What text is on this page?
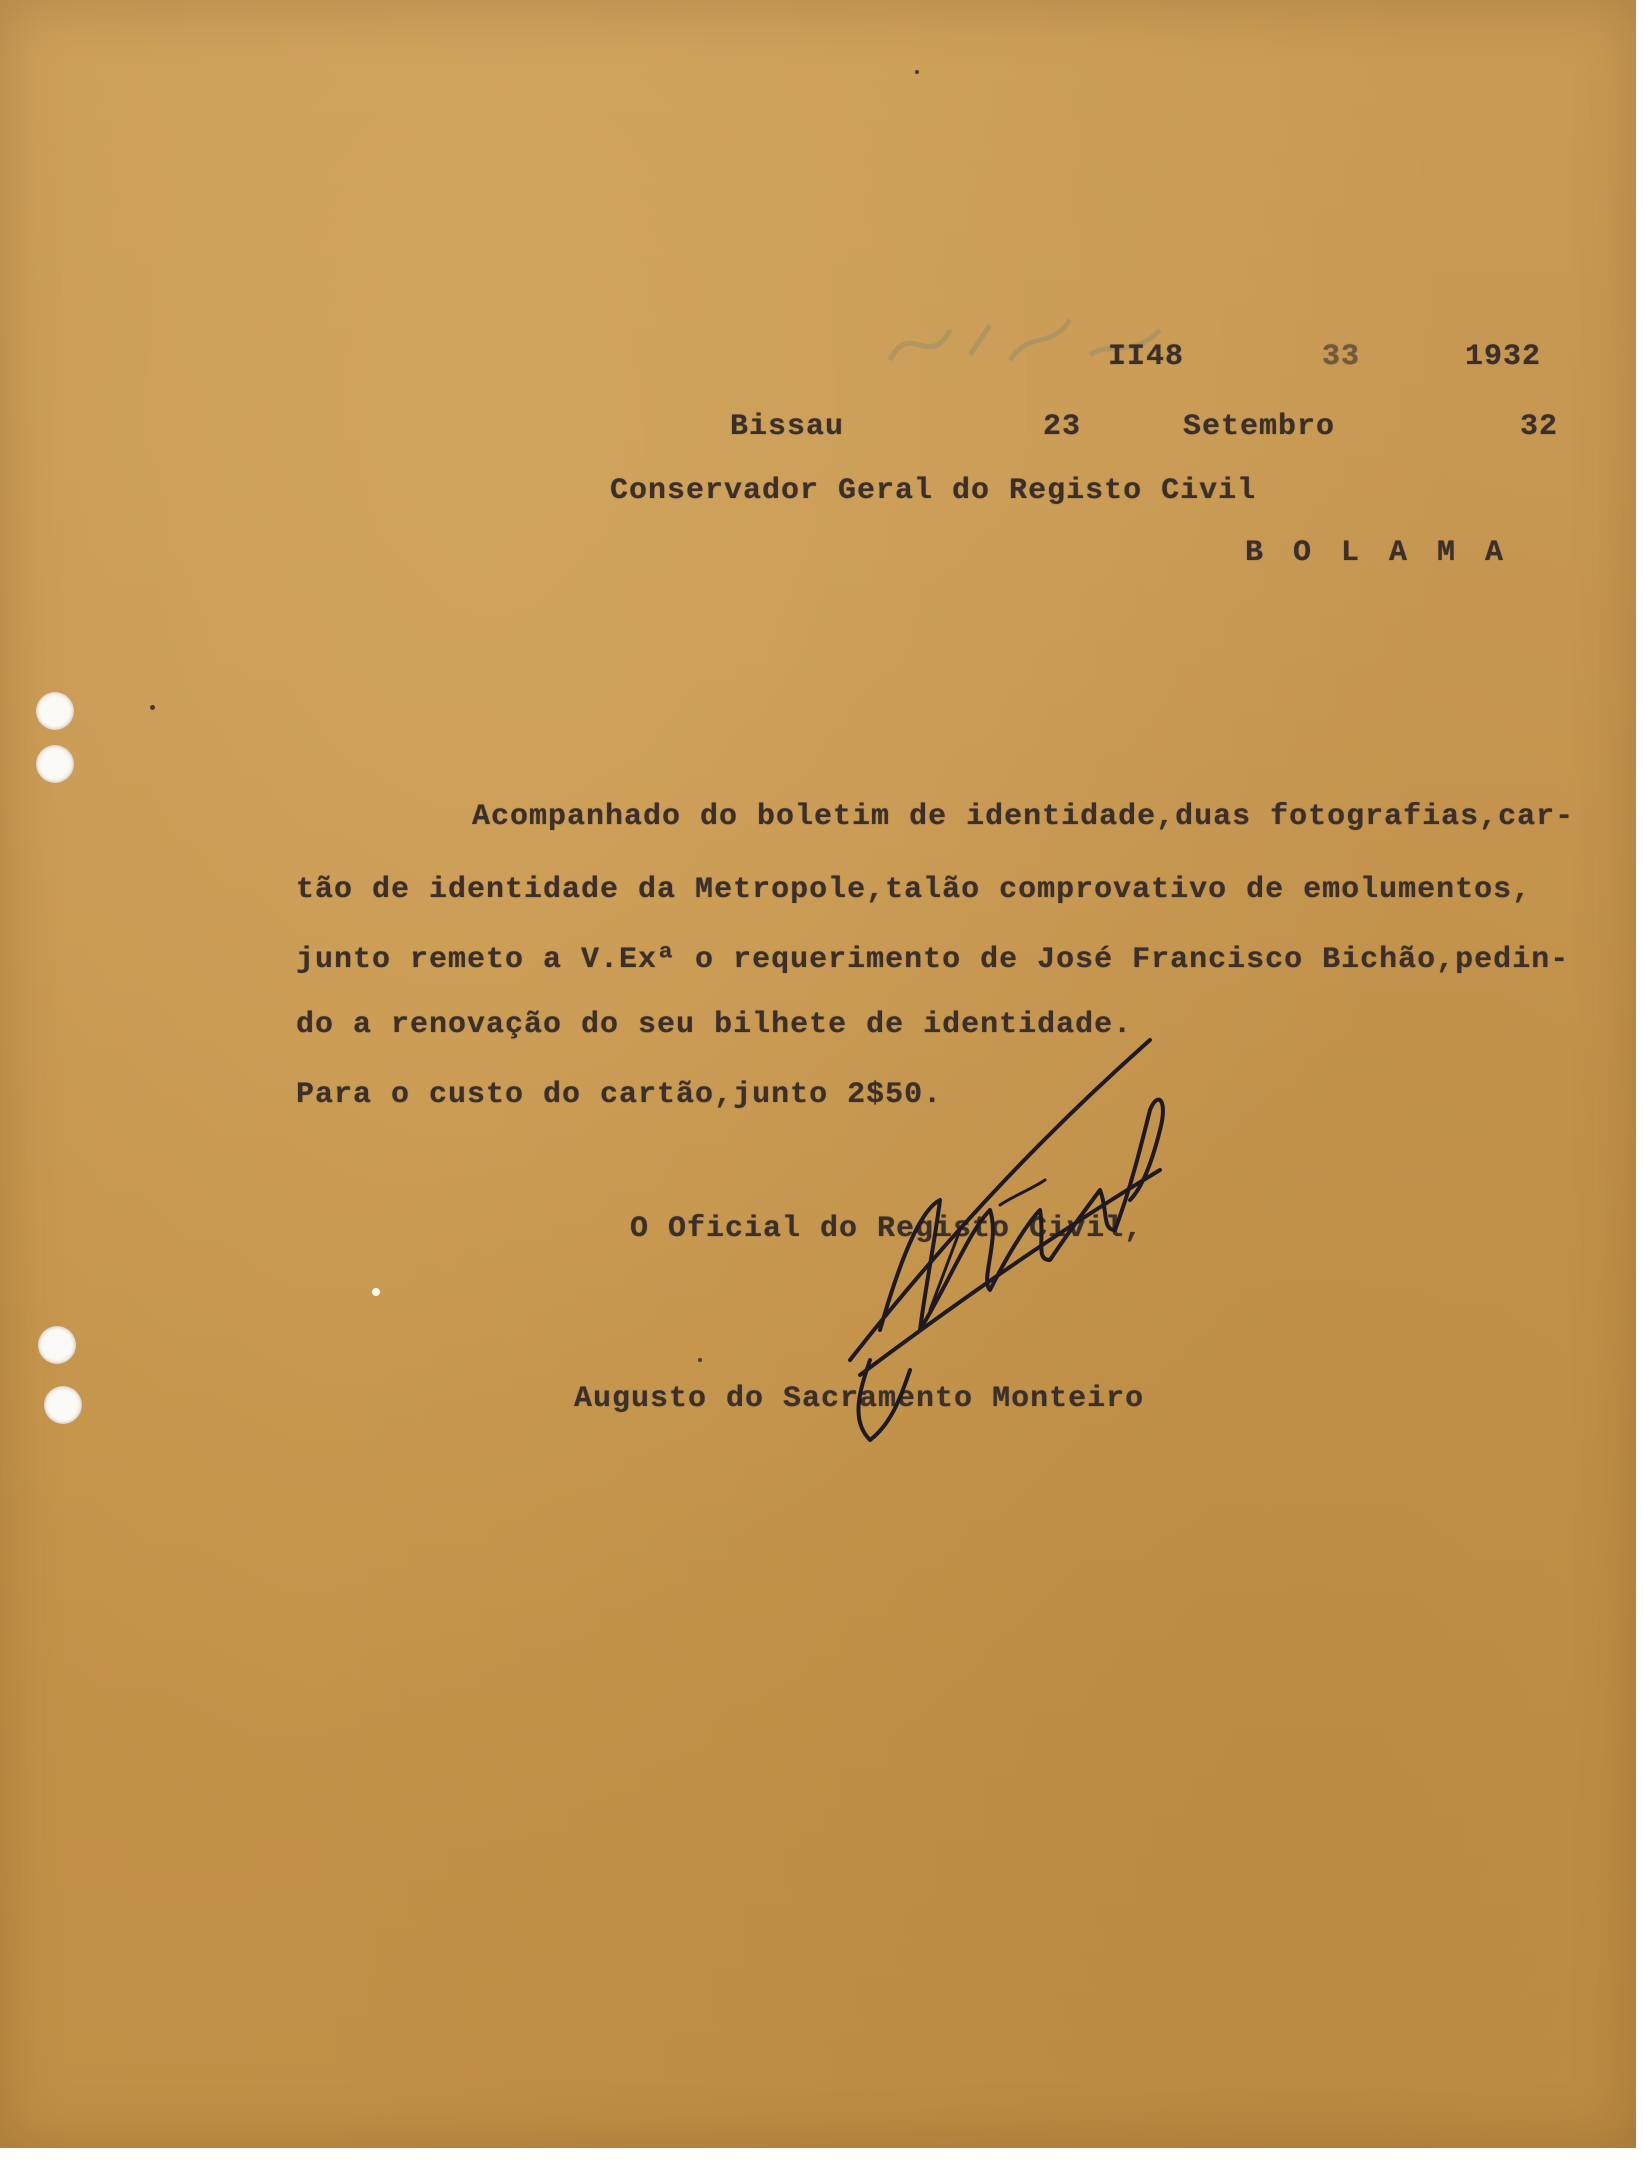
II48	33	1932
Bissau	23	Setembro	32
Conservador Geral do Registo Civil
B O L A M A
Acompanhado do boletim de identidade,duas fotografias,car-
tão de identidade da Metropole,talão comprovativo de emolumentos,
junto remeto a V.Exª o requerimento de José Francisco Bichão,pedin-
do a renovação do seu bilhete de identidade.
Para o custo do cartão,junto 2$50.
O Oficial do Registo Civil,
Augusto do Sacramento Monteiro
